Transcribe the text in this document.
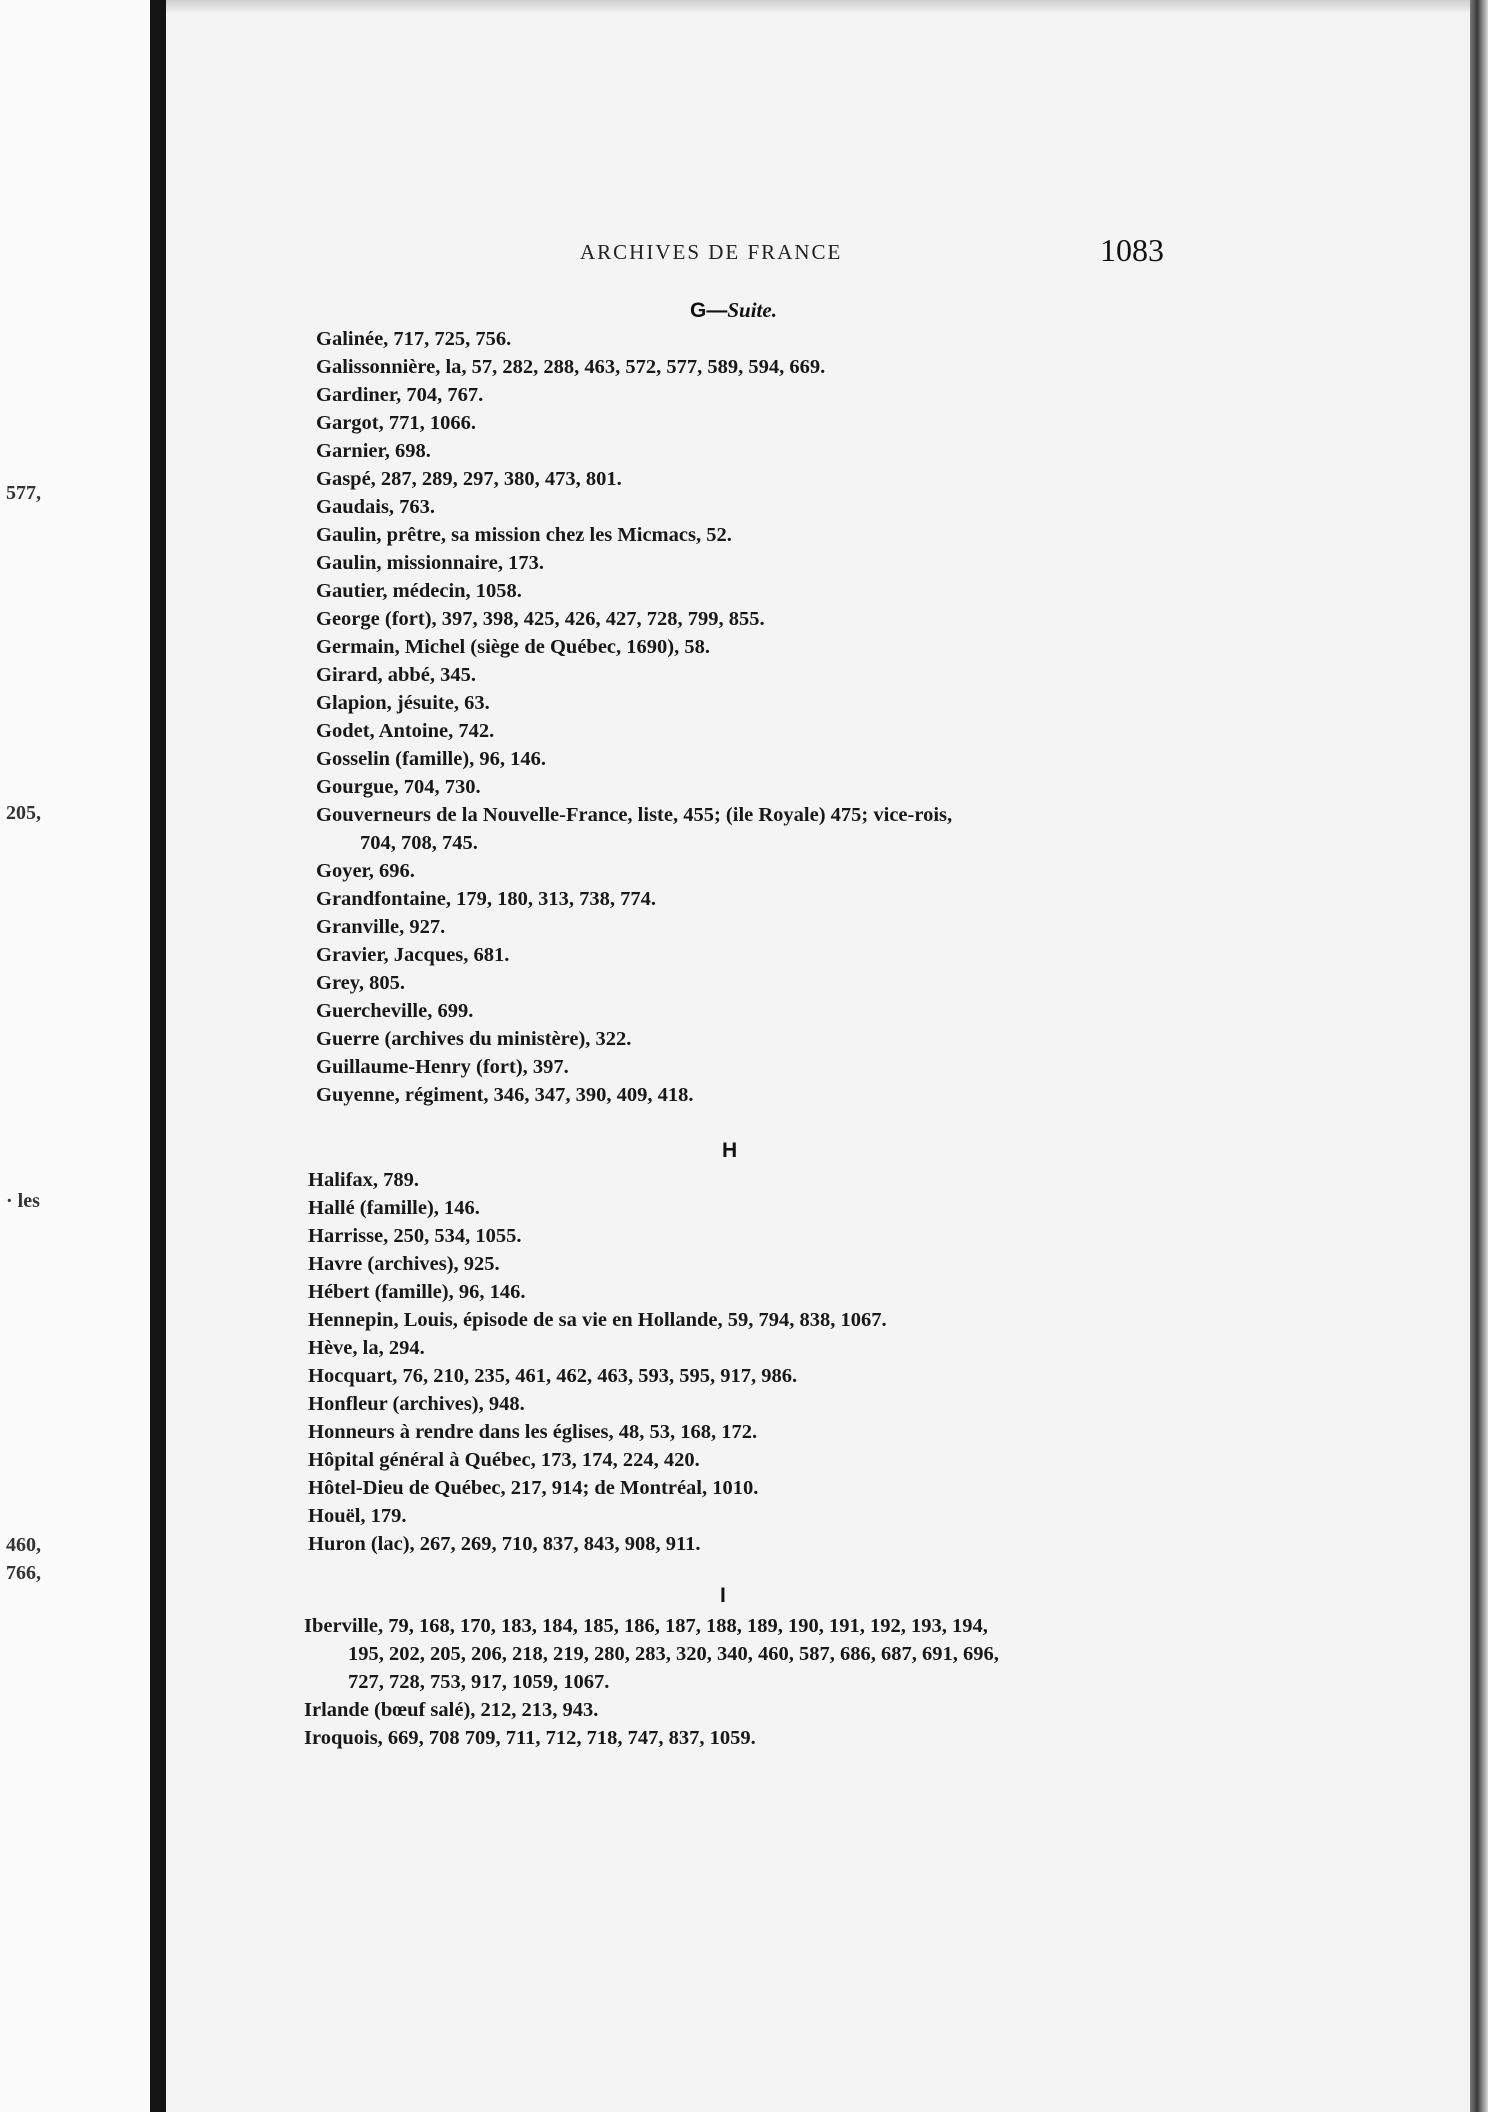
577,
205,
· les
460,
766,
ARCHIVES DE FRANCE	1083
G—Suite.
Galinée, 717, 725, 756.
Galissonnière, la, 57, 282, 288, 463, 572, 577, 589, 594, 669.
Gardiner, 704, 767.
Gargot, 771, 1066.
Garnier, 698.
Gaspé, 287, 289, 297, 380, 473, 801.
Gaudais, 763.
Gaulin, prêtre, sa mission chez les Micmacs, 52.
Gaulin, missionnaire, 173.
Gautier, médecin, 1058.
George (fort), 397, 398, 425, 426, 427, 728, 799, 855.
Germain, Michel (siège de Québec, 1690), 58.
Girard, abbé, 345.
Glapion, jésuite, 63.
Godet, Antoine, 742.
Gosselin (famille), 96, 146.
Gourgue, 704, 730.
Gouverneurs de la Nouvelle-France, liste, 455; (ile Royale) 475; vice-rois,
704, 708, 745.
Goyer, 696.
Grandfontaine, 179, 180, 313, 738, 774.
Granville, 927.
Gravier, Jacques, 681.
Grey, 805.
Guercheville, 699.
Guerre (archives du ministère), 322.
Guillaume-Henry (fort), 397.
Guyenne, régiment, 346, 347, 390, 409, 418.
H
Halifax, 789.
Hallé (famille), 146.
Harrisse, 250, 534, 1055.
Havre (archives), 925.
Hébert (famille), 96, 146.
Hennepin, Louis, épisode de sa vie en Hollande, 59, 794, 838, 1067.
Hève, la, 294.
Hocquart, 76, 210, 235, 461, 462, 463, 593, 595, 917, 986.
Honfleur (archives), 948.
Honneurs à rendre dans les églises, 48, 53, 168, 172.
Hôpital général à Québec, 173, 174, 224, 420.
Hôtel-Dieu de Québec, 217, 914; de Montréal, 1010.
Houël, 179.
Huron (lac), 267, 269, 710, 837, 843, 908, 911.
I
Iberville, 79, 168, 170, 183, 184, 185, 186, 187, 188, 189, 190, 191, 192, 193, 194,
195, 202, 205, 206, 218, 219, 280, 283, 320, 340, 460, 587, 686, 687, 691, 696,
727, 728, 753, 917, 1059, 1067.
Irlande (bœuf salé), 212, 213, 943.
Iroquois, 669, 708 709, 711, 712, 718, 747, 837, 1059.
